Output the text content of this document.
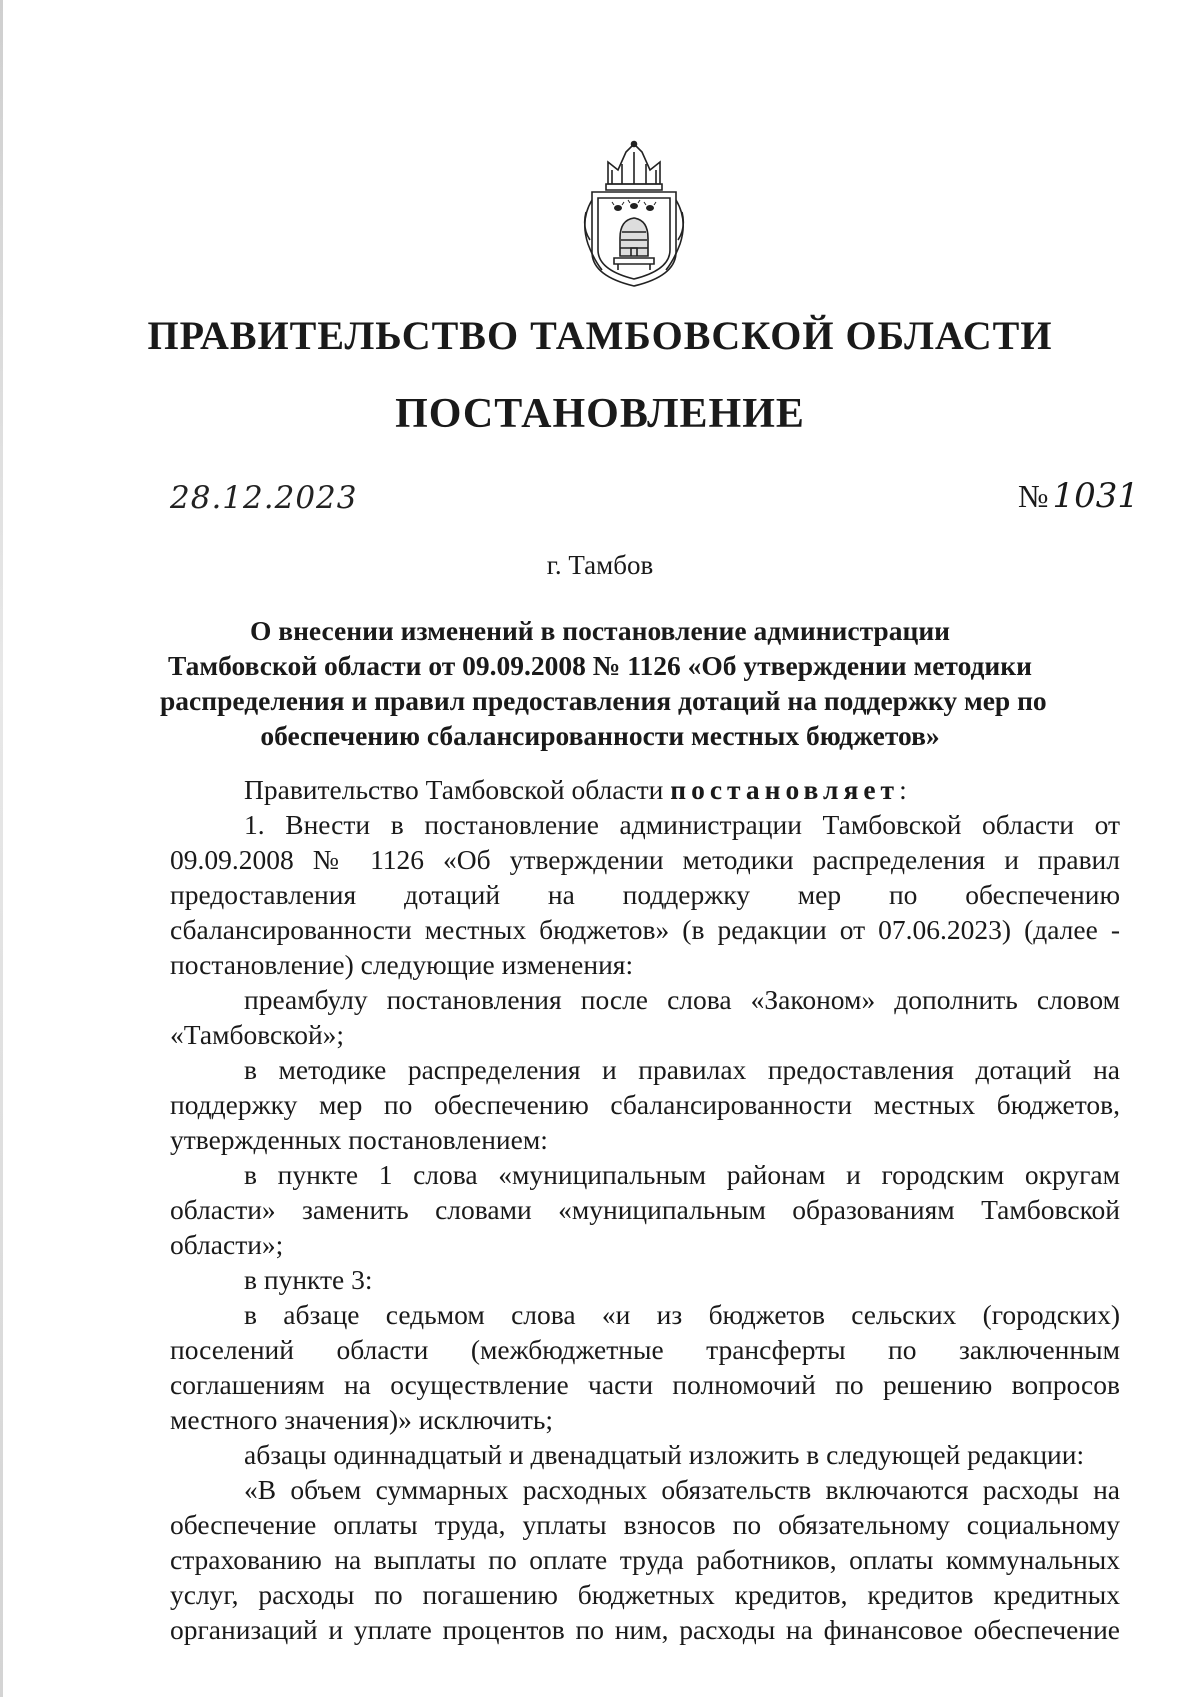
ПРАВИТЕЛЬСТВО ТАМБОВСКОЙ ОБЛАСТИ
ПОСТАНОВЛЕНИЕ
28.12.2023	№ 1031
г. Тамбов
О внесении изменений в постановление администрации
Тамбовской области от 09.09.2008 № 1126 «Об утверждении методики
распределения и правил предоставления дотаций на поддержку мер по
обеспечению сбалансированности местных бюджетов»

Правительство Тамбовской области постановляет:

1. Внести в постановление администрации Тамбовской области от

09.09.2008 № 1126 «Об утверждении методики распределения и правил

предоставления дотаций на поддержку мер по обеспечению

сбалансированности местных бюджетов» (в редакции от 07.06.2023) (далее -

постановление) следующие изменения:

преамбулу постановления после слова «Законом» дополнить словом

«Тамбовской»;

в методике распределения и правилах предоставления дотаций на

поддержку мер по обеспечению сбалансированности местных бюджетов,

утвержденных постановлением:

в пункте 1 слова «муниципальным районам и городским округам

области» заменить словами «муниципальным образованиям Тамбовской

области»;

в пункте 3:

в абзаце седьмом слова «и из бюджетов сельских (городских)

поселений области (межбюджетные трансферты по заключенным

соглашениям на осуществление части полномочий по решению вопросов

местного значения)» исключить;

абзацы одиннадцатый и двенадцатый изложить в следующей редакции:

«В объем суммарных расходных обязательств включаются расходы на

обеспечение оплаты труда, уплаты взносов по обязательному социальному

страхованию на выплаты по оплате труда работников, оплаты коммунальных

услуг, расходы по погашению бюджетных кредитов, кредитов кредитных

организаций и уплате процентов по ним, расходы на финансовое обеспечение
